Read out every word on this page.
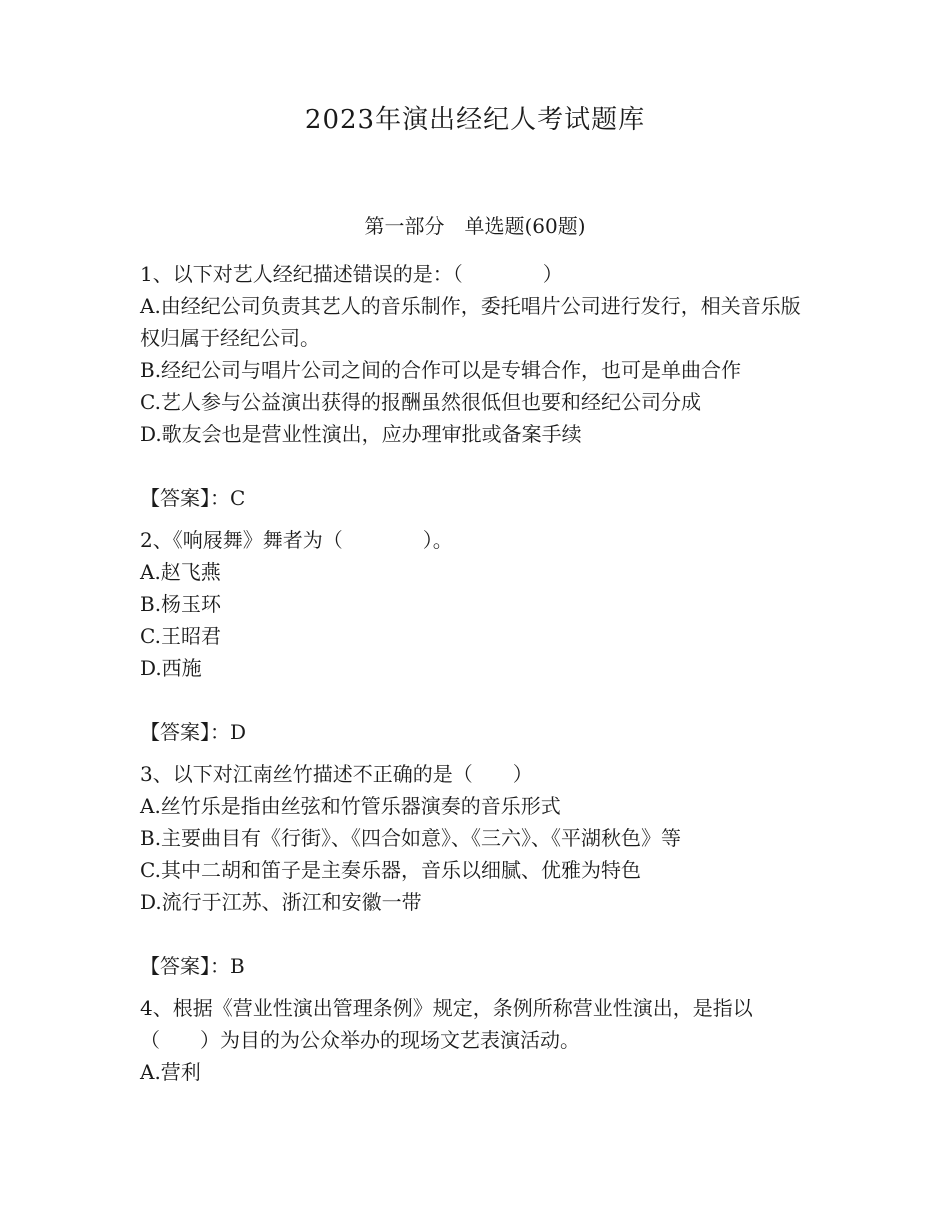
2023年演出经纪人考试题库
第一部分　单选题(60题)
1、以下对艺人经纪描述错误的是：（　　　　）
A.由经纪公司负责其艺人的音乐制作，委托唱片公司进行发行，相关音乐版权归属于经纪公司。
B.经纪公司与唱片公司之间的合作可以是专辑合作，也可是单曲合作
C.艺人参与公益演出获得的报酬虽然很低但也要和经纪公司分成
D.歌友会也是营业性演出，应办理审批或备案手续
【答案】：C
2、《响屐舞》舞者为（　　　　）。
A.赵飞燕
B.杨玉环
C.王昭君
D.西施
【答案】：D
3、以下对江南丝竹描述不正确的是（　　）
A.丝竹乐是指由丝弦和竹管乐器演奏的音乐形式
B.主要曲目有《行街》、《四合如意》、《三六》、《平湖秋色》等
C.其中二胡和笛子是主奏乐器，音乐以细腻、优雅为特色
D.流行于江苏、浙江和安徽一带
【答案】：B
4、根据《营业性演出管理条例》规定，条例所称营业性演出，是指以（　　）为目的为公众举办的现场文艺表演活动。
A.营利
